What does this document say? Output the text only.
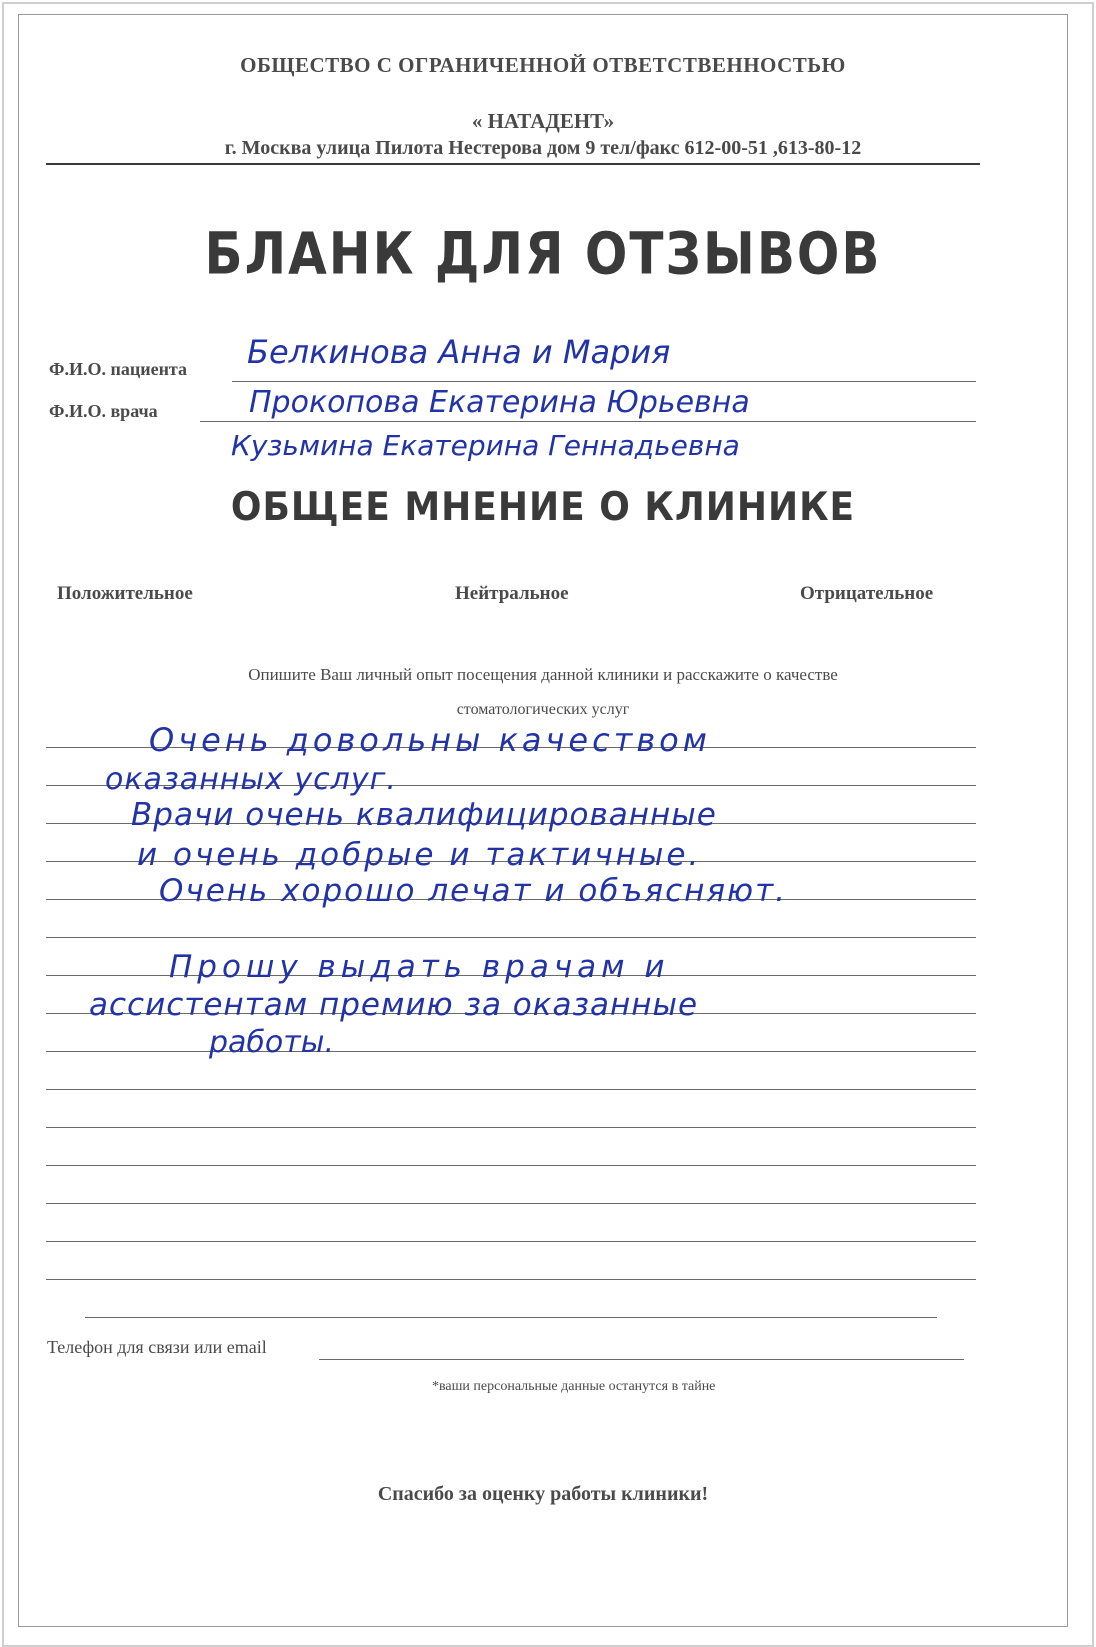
ОБЩЕСТВО С ОГРАНИЧЕННОЙ ОТВЕТСТВЕННОСТЬЮ
« НАТАДЕНТ»
г. Москва улица Пилота Нестерова дом 9 тел/факс 612-00-51 ,613-80-12
БЛАНК ДЛЯ ОТЗЫВОВ
Ф.И.О. пациента Белкинова Анна и Мария
Ф.И.О. врача	Прокопова Екатерина Юрьевна
Кузьмина Екатерина Геннадьевна
ОБЩЕЕ МНЕНИЕ О КЛИНИКЕ
Положительное	Нейтральное	Отрицательное
Опишите Ваш личный опыт посещения данной клиники и расскажите о качестве
стоматологических услуг
Очень довольны качеством
оказанных услуг.
Врачи очень квалифицированные
и очень добрые и тактичные.
Очень хорошо лечат и объясняют.
Прошу выдать врачам и
ассистентам премию за оказанные
работы.
Телефон для связи или email
*ваши персональные данные останутся в тайне
Спасибо за оценку работы клиники!
